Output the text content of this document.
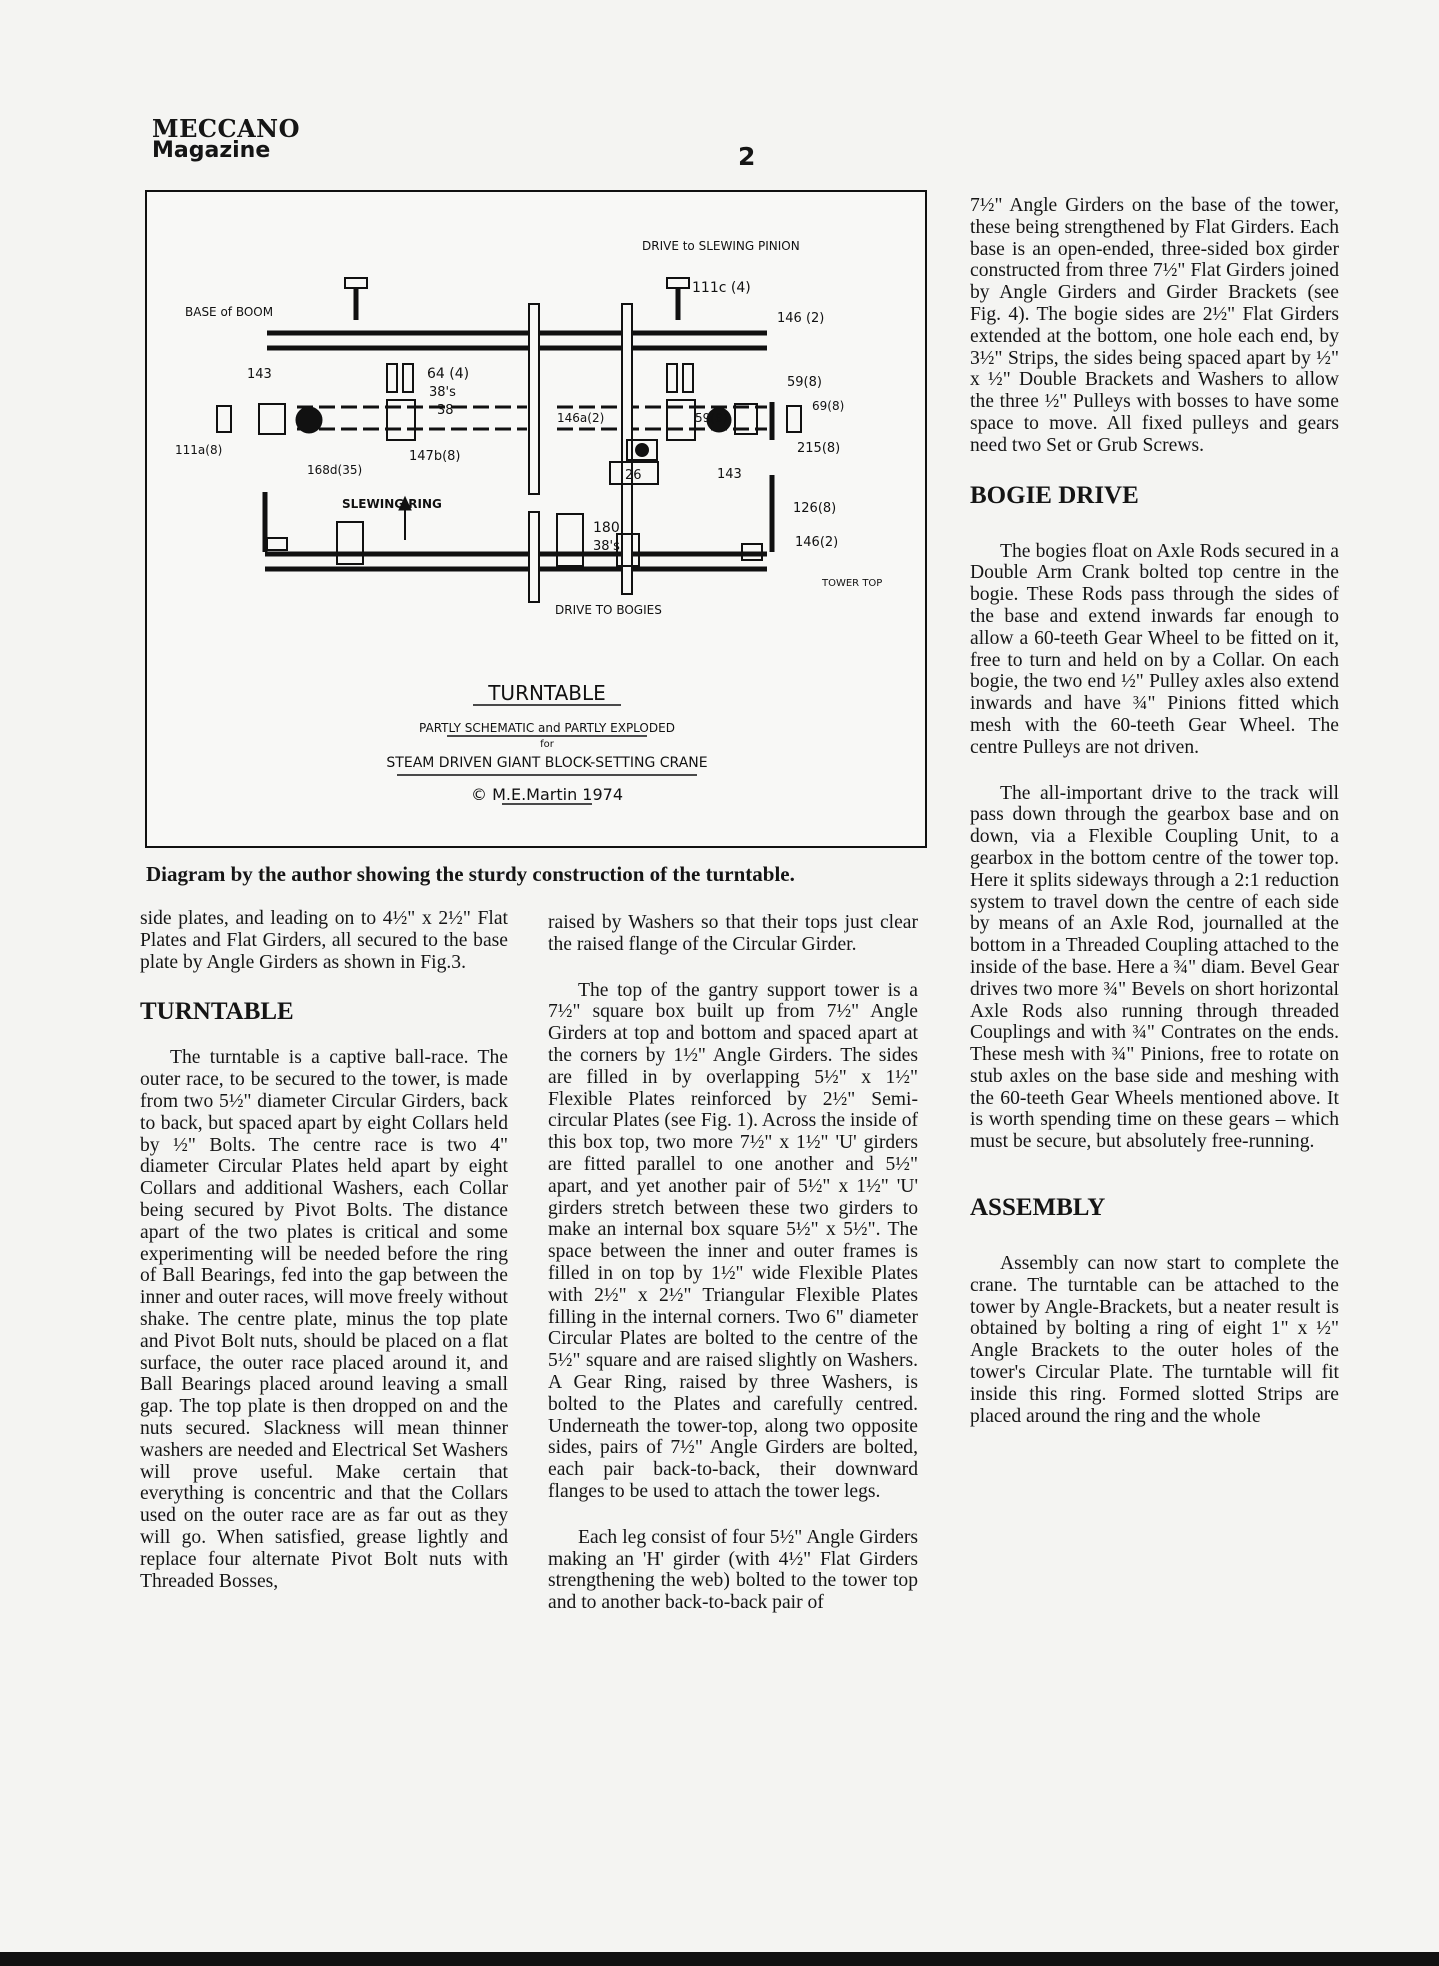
MECCANO
Magazine	2
DRIVE to SLEWING PINION
111c (4)
BASE of BOOM	146 (2)
143	64 (4)
38's
38	146a(2)	59(8)
59(8)
69(8)
215(8)
111a(8)
168d(35)
147b(8)
26	143
SLEWING RING	126(8)
180
38's	146(2)
TOWER TOP
DRIVE TO BOGIES
TURNTABLE
PARTLY SCHEMATIC and PARTLY EXPLODED
for
STEAM DRIVEN GIANT BLOCK-SETTING CRANE
© M.E.Martin 1974
Diagram by the author showing the sturdy construction of the turntable.

side plates, and leading on to 4½" x 2½" Flat Plates and Flat Girders, all secured to the base plate by Angle Girders as shown in Fig.3.

TURNTABLE

The turntable is a captive ball-race. The outer race, to be secured to the tower, is made from two 5½" diameter Circular Girders, back to back, but spaced apart by eight Collars held by ½" Bolts. The centre race is two 4" diameter Circular Plates held apart by eight Collars and additional Washers, each Collar being secured by Pivot Bolts. The distance apart of the two plates is critical and some experimenting will be needed before the ring of Ball Bearings, fed into the gap between the inner and outer races, will move freely without shake. The centre plate, minus the top plate and Pivot Bolt nuts, should be placed on a flat surface, the outer race placed around it, and Ball Bearings placed around leaving a small gap. The top plate is then dropped on and the nuts secured. Slackness will mean thinner washers are needed and Electrical Set Washers will prove useful. Make certain that everything is concentric and that the Collars used on the outer race are as far out as they will go. When satisfied, grease lightly and replace four alternate Pivot Bolt nuts with Threaded Bosses,

raised by Washers so that their tops just clear the raised flange of the Circular Girder.

The top of the gantry support tower is a 7½" square box built up from 7½" Angle Girders at top and bottom and spaced apart at the corners by 1½" Angle Girders. The sides are filled in by overlapping 5½" x 1½" Flexible Plates reinforced by 2½" Semi-circular Plates (see Fig. 1). Across the inside of this box top, two more 7½" x 1½" 'U' girders are fitted parallel to one another and 5½" apart, and yet another pair of 5½" x 1½" 'U' girders stretch between these two girders to make an internal box square 5½" x 5½". The space between the inner and outer frames is filled in on top by 1½" wide Flexible Plates with 2½" x 2½" Triangular Flexible Plates filling in the internal corners. Two 6" diameter Circular Plates are bolted to the centre of the 5½" square and are raised slightly on Washers. A Gear Ring, raised by three Washers, is bolted to the Plates and carefully centred. Underneath the tower-top, along two opposite sides, pairs of 7½" Angle Girders are bolted, each pair back-to-back, their downward flanges to be used to attach the tower legs.

Each leg consist of four 5½" Angle Girders making an 'H' girder (with 4½" Flat Girders strengthening the web) bolted to the tower top and to another back-to-back pair of

7½" Angle Girders on the base of the tower, these being strengthened by Flat Girders. Each base is an open-ended, three-sided box girder constructed from three 7½" Flat Girders joined by Angle Girders and Girder Brackets (see Fig. 4). The bogie sides are 2½" Flat Girders extended at the bottom, one hole each end, by 3½" Strips, the sides being spaced apart by ½" x ½" Double Brackets and Washers to allow the three ½" Pulleys with bosses to have some space to move. All fixed pulleys and gears need two Set or Grub Screws.

BOGIE DRIVE

The bogies float on Axle Rods secured in a Double Arm Crank bolted top centre in the bogie. These Rods pass through the sides of the base and extend inwards far enough to allow a 60-teeth Gear Wheel to be fitted on it, free to turn and held on by a Collar. On each bogie, the two end ½" Pulley axles also extend inwards and have ¾" Pinions fitted which mesh with the 60-teeth Gear Wheel. The centre Pulleys are not driven.

The all-important drive to the track will pass down through the gearbox base and on down, via a Flexible Coupling Unit, to a gearbox in the bottom centre of the tower top. Here it splits sideways through a 2:1 reduction system to travel down the centre of each side by means of an Axle Rod, journalled at the bottom in a Threaded Coupling attached to the inside of the base. Here a ¾" diam. Bevel Gear drives two more ¾" Bevels on short horizontal Axle Rods also running through threaded Couplings and with ¾" Contrates on the ends. These mesh with ¾" Pinions, free to rotate on stub axles on the base side and meshing with the 60-teeth Gear Wheels mentioned above. It is worth spending time on these gears – which must be secure, but absolutely free-running.

ASSEMBLY

Assembly can now start to complete the crane. The turntable can be attached to the tower by Angle-Brackets, but a neater result is obtained by bolting a ring of eight 1" x ½" Angle Brackets to the outer holes of the tower's Circular Plate. The turntable will fit inside this ring. Formed slotted Strips are placed around the ring and the whole
